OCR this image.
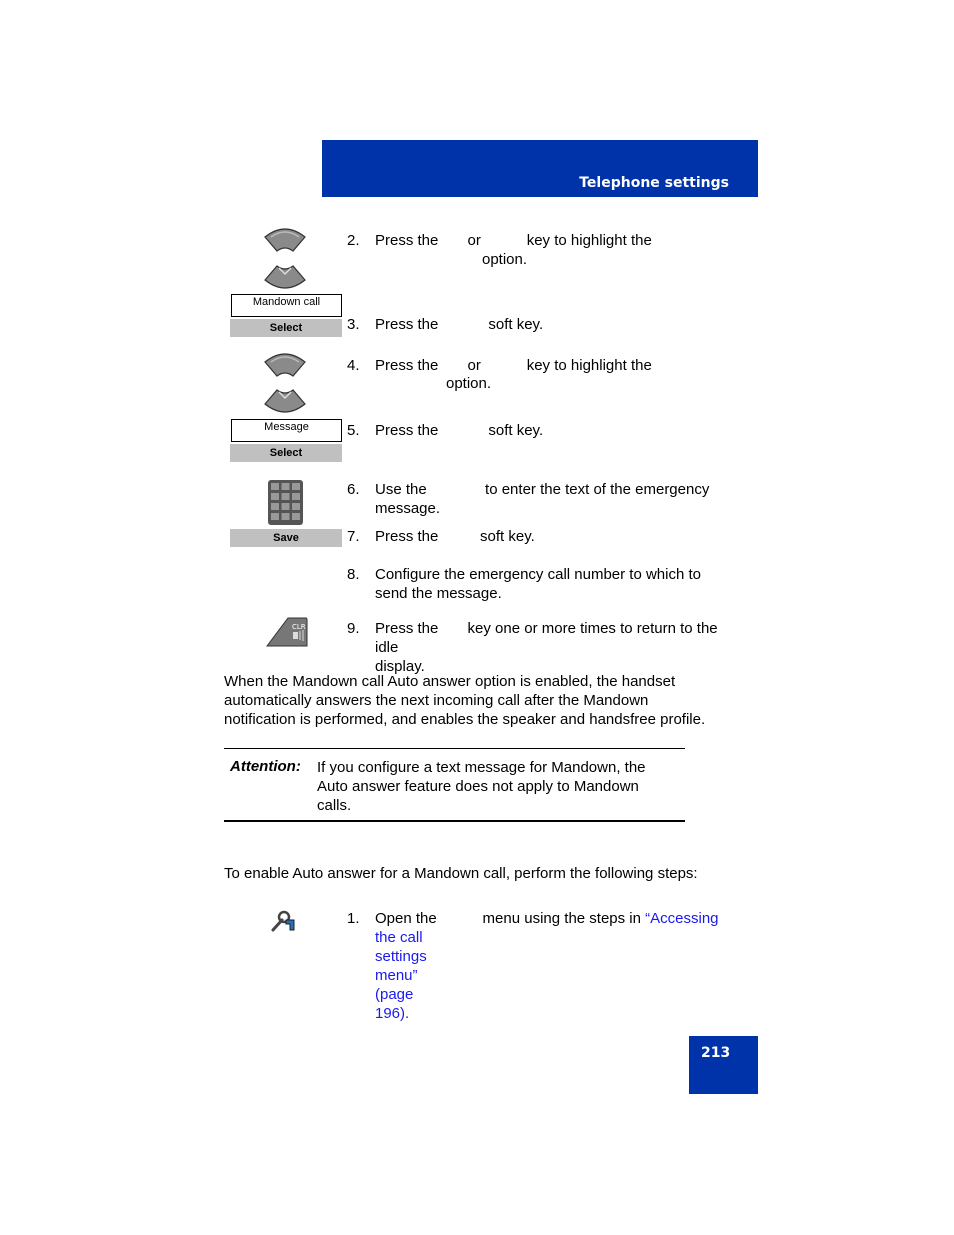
Telephone settings
Mandown call
Select
Message
Select
Save
CLR
2. Press the       or           key to highlight the
option.
3. Press the            soft key.
4. Press the       or           key to highlight the
option.
5. Press the            soft key.
6. Use the              to enter the text of the emergency
message.
7. Press the          soft key.
8. Configure the emergency call number to which to
send the message.
9. Press the       key one or more times to return to the
idle display.
When the Mandown call Auto answer option is enabled, the handset
automatically answers the next incoming call after the Mandown
notification is performed, and enables the speaker and handsfree profile.
Attention: If you configure a text message for Mandown, the
Auto answer feature does not apply to Mandown
calls.
To enable Auto answer for a Mandown call, perform the following steps:
1. Open the           menu using the steps in “Accessing
the call settings menu” (page 196).
213
